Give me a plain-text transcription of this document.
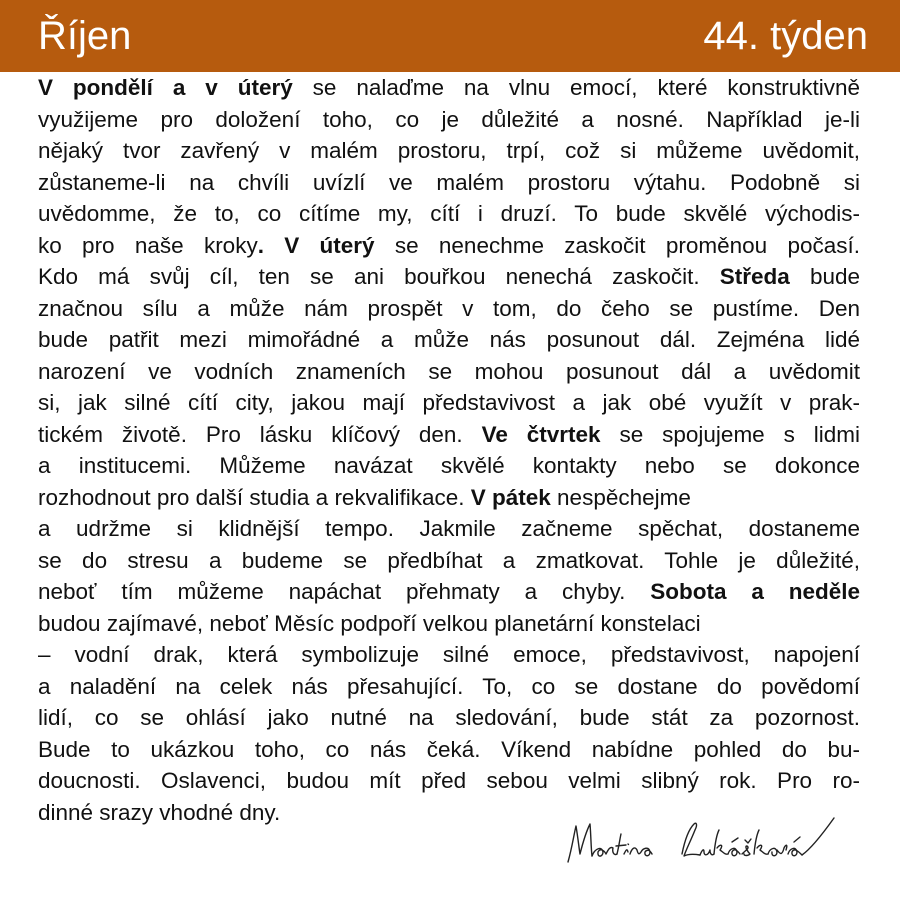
Říjen	44. týden
V pondělí a v úterý se nalaďme na vlnu emocí, které konstruktivně
využijeme pro doložení toho, co je důležité a nosné. Například je-li
nějaký tvor zavřený v malém prostoru, trpí, což si můžeme uvědomit,
zůstaneme-li na chvíli uvízlí ve malém prostoru výtahu. Podobně si
uvědomme, že to, co cítíme my, cítí i druzí. To bude skvělé východis-
ko pro naše kroky. V úterý se nenechme zaskočit proměnou počasí.
Kdo má svůj cíl, ten se ani bouřkou nenechá zaskočit. Středa bude
značnou sílu a může nám prospět v tom, do čeho se pustíme. Den
bude patřit mezi mimořádné a může nás posunout dál. Zejména lidé
narození ve vodních znameních se mohou posunout dál a uvědomit
si, jak silné cítí city, jakou mají představivost a jak obé využít v prak-
tickém životě. Pro lásku klíčový den. Ve čtvrtek se spojujeme s lidmi
a institucemi. Můžeme navázat skvělé kontakty nebo se dokonce
rozhodnout pro další studia a rekvalifikace. V pátek nespěchejme
a udržme si klidnější tempo. Jakmile začneme spěchat, dostaneme
se do stresu a budeme se předbíhat a zmatkovat. Tohle je důležité,
neboť tím můžeme napáchat přehmaty a chyby. Sobota a neděle
budou zajímavé, neboť Měsíc podpoří velkou planetární konstelaci
– vodní drak, která symbolizuje silné emoce, představivost, napojení
a naladění na celek nás přesahující. To, co se dostane do povědomí
lidí, co se ohlásí jako nutné na sledování, bude stát za pozornost.
Bude to ukázkou toho, co nás čeká. Víkend nabídne pohled do bu-
doucnosti. Oslavenci, budou mít před sebou velmi slibný rok. Pro ro-
dinné srazy vhodné dny.
